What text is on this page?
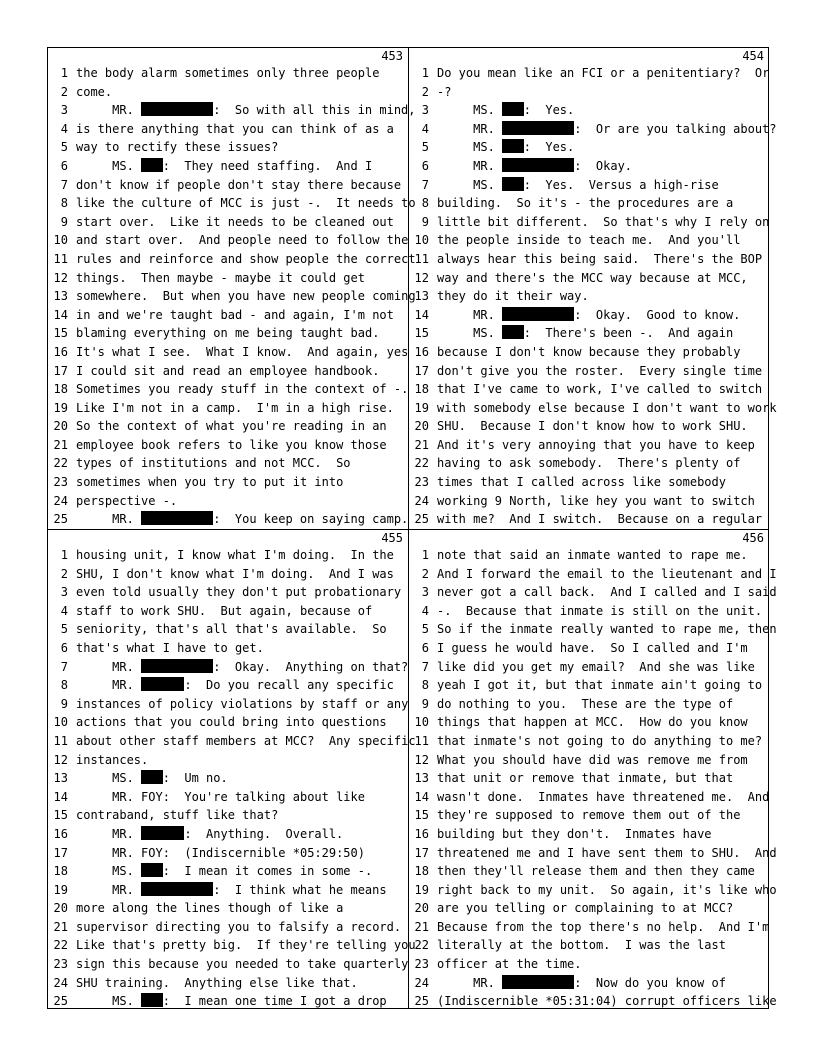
453
1 the body alarm sometimes only three people
2 come.
3 MR.	:  So with all this in mind,
4 is there anything that you can think of as a
5 way to rectify these issues?
6 MS. :  They need staffing.  And I
7 don't know if people don't stay there because
8 like the culture of MCC is just -.  It needs to
9 start over.  Like it needs to be cleaned out
10 and start over.  And people need to follow the
11 rules and reinforce and show people the correct
12 things.  Then maybe - maybe it could get
13 somewhere.  But when you have new people coming
14 in and we're taught bad - and again, I'm not
15 blaming everything on me being taught bad.
16 It's what I see.  What I know.  And again, yes
17 I could sit and read an employee handbook.
18 Sometimes you ready stuff in the context of -.
19 Like I'm not in a camp.  I'm in a high rise.
20 So the context of what you're reading in an
21 employee book refers to like you know those
22 types of institutions and not MCC.  So
23 sometimes when you try to put it into
24 perspective -.
25 MR.	:  You keep on saying camp.
454
1 Do you mean like an FCI or a penitentiary?  Or
2 -?
3 MS. :  Yes.
4 MR.	:  Or are you talking about?
5 MS. :  Yes.
6 MR.	:  Okay.
7 MS. :  Yes.  Versus a high-rise
8 building.  So it's - the procedures are a
9 little bit different.  So that's why I rely on
10 the people inside to teach me.  And you'll
11 always hear this being said.  There's the BOP
12 way and there's the MCC way because at MCC,
13 they do it their way.
14 MR.	:  Okay.  Good to know.
15 MS. :  There's been -.  And again
16 because I don't know because they probably
17 don't give you the roster.  Every single time
18 that I've came to work, I've called to switch
19 with somebody else because I don't want to work
20 SHU.  Because I don't know how to work SHU.
21 And it's very annoying that you have to keep
22 having to ask somebody.  There's plenty of
23 times that I called across like somebody
24 working 9 North, like hey you want to switch
25 with me?  And I switch.  Because on a regular
455
1 housing unit, I know what I'm doing.  In the
2 SHU, I don't know what I'm doing.  And I was
3 even told usually they don't put probationary
4 staff to work SHU.  But again, because of
5 seniority, that's all that's available.  So
6 that's what I have to get.
7 MR.	:  Okay.  Anything on that?
8 MR.	:  Do you recall any specific
9 instances of policy violations by staff or any
10 actions that you could bring into questions
11 about other staff members at MCC?  Any specific
12 instances.
13 MS. :  Um no.
14 MR. FOY:  You're talking about like
15 contraband, stuff like that?
16 MR.	:  Anything.  Overall.
17 MR. FOY:  (Indiscernible *05:29:50)
18 MS. :  I mean it comes in some -.
19 MR.	:  I think what he means
20 more along the lines though of like a
21 supervisor directing you to falsify a record.
22 Like that's pretty big.  If they're telling you
23 sign this because you needed to take quarterly
24 SHU training.  Anything else like that.
25 MS. :  I mean one time I got a drop
456
1 note that said an inmate wanted to rape me.
2 And I forward the email to the lieutenant and I
3 never got a call back.  And I called and I said
4 -.  Because that inmate is still on the unit.
5 So if the inmate really wanted to rape me, then
6 I guess he would have.  So I called and I'm
7 like did you get my email?  And she was like
8 yeah I got it, but that inmate ain't going to
9 do nothing to you.  These are the type of
10 things that happen at MCC.  How do you know
11 that inmate's not going to do anything to me?
12 What you should have did was remove me from
13 that unit or remove that inmate, but that
14 wasn't done.  Inmates have threatened me.  And
15 they're supposed to remove them out of the
16 building but they don't.  Inmates have
17 threatened me and I have sent them to SHU.  And
18 then they'll release them and then they came
19 right back to my unit.  So again, it's like who
20 are you telling or complaining to at MCC?
21 Because from the top there's no help.  And I'm
22 literally at the bottom.  I was the last
23 officer at the time.
24 MR.	:  Now do you know of
25 (Indiscernible *05:31:04) corrupt officers like
